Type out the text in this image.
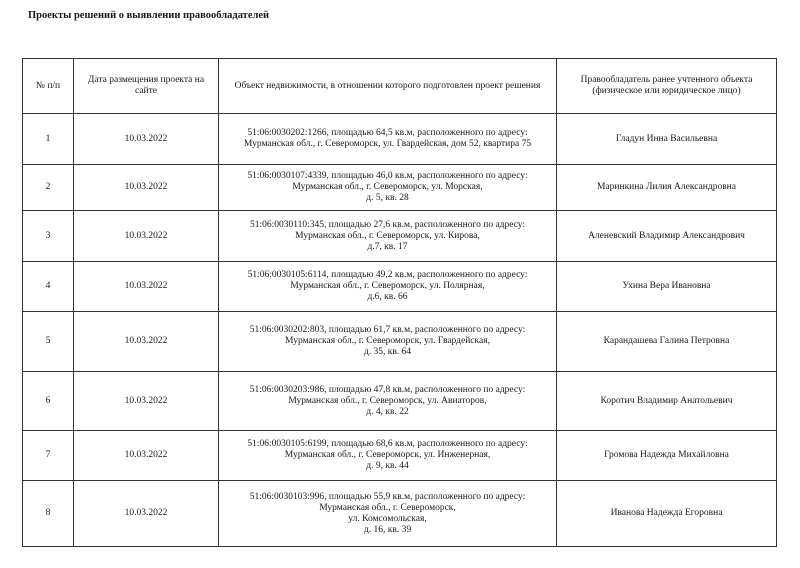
Проекты решений о выявлении правообладателей
№ п/п	Дата размещения проекта на сайте	Объект недвижимости, в отношении которого подготовлен проект решения	Правообладатель ранее учтенного объекта (физическое или юридическое лицо)
1	10.03.2022	51:06:0030202:1266, площадью 64,5 кв.м, расположенного по адресу:
Мурманская обл., г. Североморск, ул. Гвардейская, дом 52, квартира 75	Гладун Инна Васильевна
2	10.03.2022	51:06:0030107:4339, площадью 46,0 кв.м, расположенного по адресу:
Мурманская обл., г. Североморск, ул. Морская,
д. 5, кв. 28	Маринкина Лилия Александровна
3	10.03.2022	51:06:0030110:345, площадью 27,6 кв.м, расположенного по адресу:
Мурманская обл., г. Североморск, ул. Кирова,
д.7, кв. 17	Аленевский Владимир Александрович
4	10.03.2022	51:06:0030105:6114, площадью 49,2 кв.м, расположенного по адресу:
Мурманская обл., г. Североморск, ул. Полярная,
д.6, кв. 66	Ухина Вера Ивановна
5	10.03.2022	51:06:0030202:803, площадью 61,7 кв.м, расположенного по адресу:
Мурманская обл., г. Североморск, ул. Гвардейская,
д. 35, кв. 64	Карандашева Галина Петровна
6	10.03.2022	51:06:0030203:986, площадью 47,8 кв.м, расположенного по адресу:
Мурманская обл., г. Североморск, ул. Авиаторов,
д. 4, кв. 22	Коротич Владимир Анатольевич
7	10.03.2022	51:06:0030105:6199, площадью 68,6 кв.м, расположенного по адресу:
Мурманская обл., г. Североморск, ул. Инженерная,
д. 9, кв. 44	Громова Надежда Михайловна
8	10.03.2022	51:06:0030103:996, площадью 55,9 кв.м, расположенного по адресу:
Мурманская обл., г. Североморск,
ул. Комсомольская,
д. 16, кв. 39	Иванова Надежда Егоровна
